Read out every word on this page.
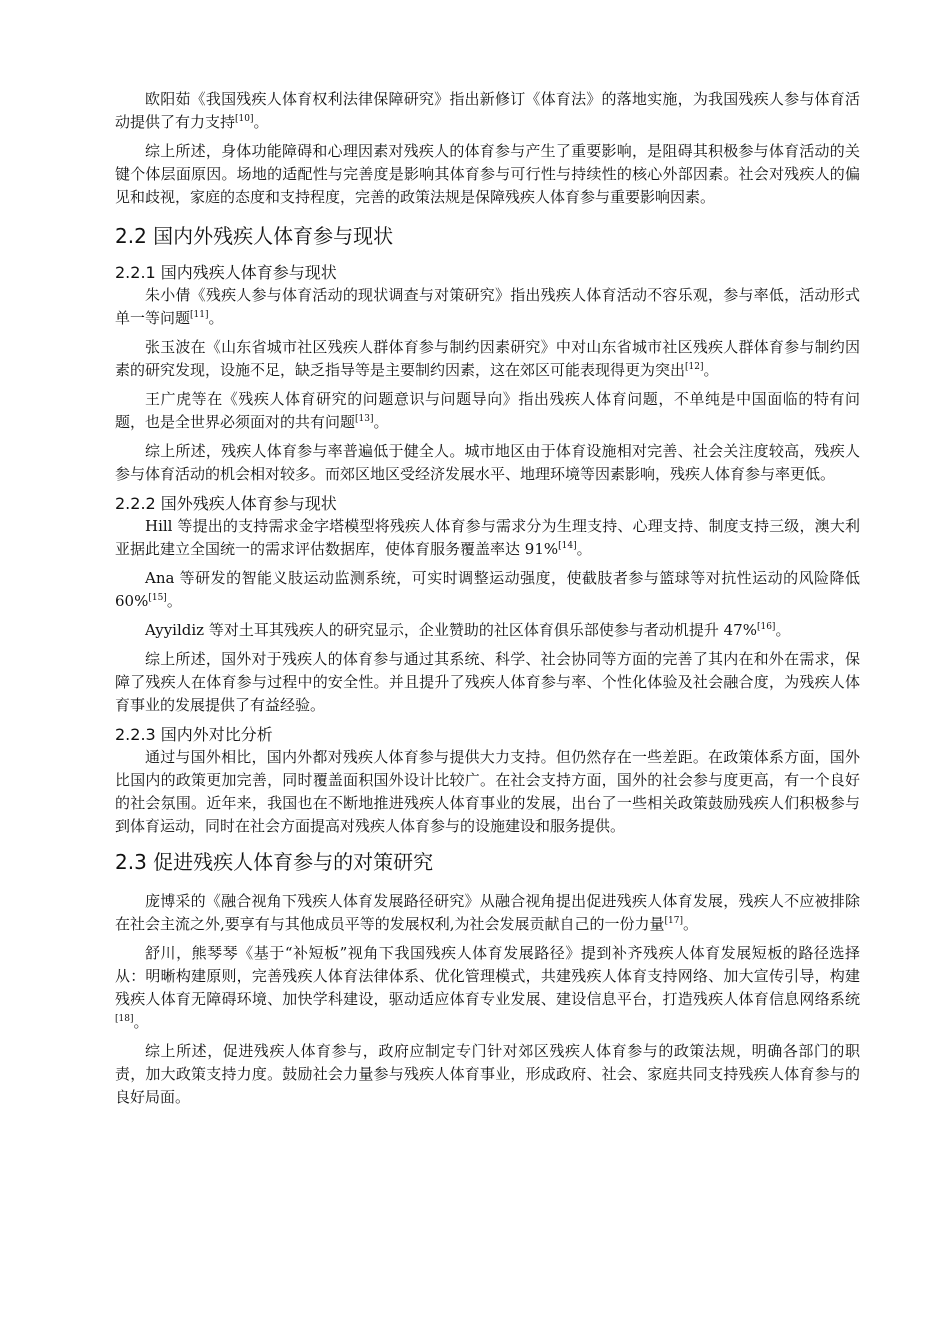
欧阳茹《我国残疾人体育权利法律保障研究》指出新修订《体育法》的落地实施，为我国残疾人参与体育活动提供了有力支持[10]。

综上所述，身体功能障碍和心理因素对残疾人的体育参与产生了重要影响，是阻碍其积极参与体育活动的关键个体层面原因。场地的适配性与完善度是影响其体育参与可行性与持续性的核心外部因素。社会对残疾人的偏见和歧视，家庭的态度和支持程度，完善的政策法规是保障残疾人体育参与重要影响因素。

2.2 国内外残疾人体育参与现状
2.2.1 国内残疾人体育参与现状

朱小倩《残疾人参与体育活动的现状调查与对策研究》指出残疾人体育活动不容乐观，参与率低，活动形式单一等问题[11]。

张玉波在《山东省城市社区残疾人群体育参与制约因素研究》中对山东省城市社区残疾人群体育参与制约因素的研究发现，设施不足，缺乏指导等是主要制约因素，这在郊区可能表现得更为突出[12]。

王广虎等在《残疾人体育研究的问题意识与问题导向》指出残疾人体育问题，不单纯是中国面临的特有问题，也是全世界必须面对的共有问题[13]。

综上所述，残疾人体育参与率普遍低于健全人。城市地区由于体育设施相对完善、社会关注度较高，残疾人参与体育活动的机会相对较多。而郊区地区受经济发展水平、地理环境等因素影响，残疾人体育参与率更低。

2.2.2 国外残疾人体育参与现状

Hill 等提出的支持需求金字塔模型将残疾人体育参与需求分为生理支持、心理支持、制度支持三级，澳大利亚据此建立全国统一的需求评估数据库，使体育服务覆盖率达 91%[14]。

Ana 等研发的智能义肢运动监测系统，可实时调整运动强度，使截肢者参与篮球等对抗性运动的风险降低 60%[15]。

Ayyildiz 等对土耳其残疾人的研究显示，企业赞助的社区体育俱乐部使参与者动机提升 47%[16]。

综上所述，国外对于残疾人的体育参与通过其系统、科学、社会协同等方面的完善了其内在和外在需求，保障了残疾人在体育参与过程中的安全性。并且提升了残疾人体育参与率、个性化体验及社会融合度，为残疾人体育事业的发展提供了有益经验。

2.2.3 国内外对比分析

通过与国外相比，国内外都对残疾人体育参与提供大力支持。但仍然存在一些差距。在政策体系方面，国外比国内的政策更加完善，同时覆盖面积国外设计比较广。在社会支持方面，国外的社会参与度更高，有一个良好的社会氛围。近年来，我国也在不断地推进残疾人体育事业的发展，出台了一些相关政策鼓励残疾人们积极参与到体育运动，同时在社会方面提高对残疾人体育参与的设施建设和服务提供。

2.3 促进残疾人体育参与的对策研究

庞博采的《融合视角下残疾人体育发展路径研究》从融合视角提出促进残疾人体育发展，残疾人不应被排除在社会主流之外,要享有与其他成员平等的发展权利,为社会发展贡献自己的一份力量[17]。

舒川，熊琴琴《基于“补短板”视角下我国残疾人体育发展路径》提到补齐残疾人体育发展短板的路径选择从：明晰构建原则，完善残疾人体育法律体系、优化管理模式，共建残疾人体育支持网络、加大宣传引导，构建残疾人体育无障碍环境、加快学科建设，驱动适应体育专业发展、建设信息平台，打造残疾人体育信息网络系统[18]。

综上所述，促进残疾人体育参与，政府应制定专门针对郊区残疾人体育参与的政策法规，明确各部门的职责，加大政策支持力度。鼓励社会力量参与残疾人体育事业，形成政府、社会、家庭共同支持残疾人体育参与的良好局面。
